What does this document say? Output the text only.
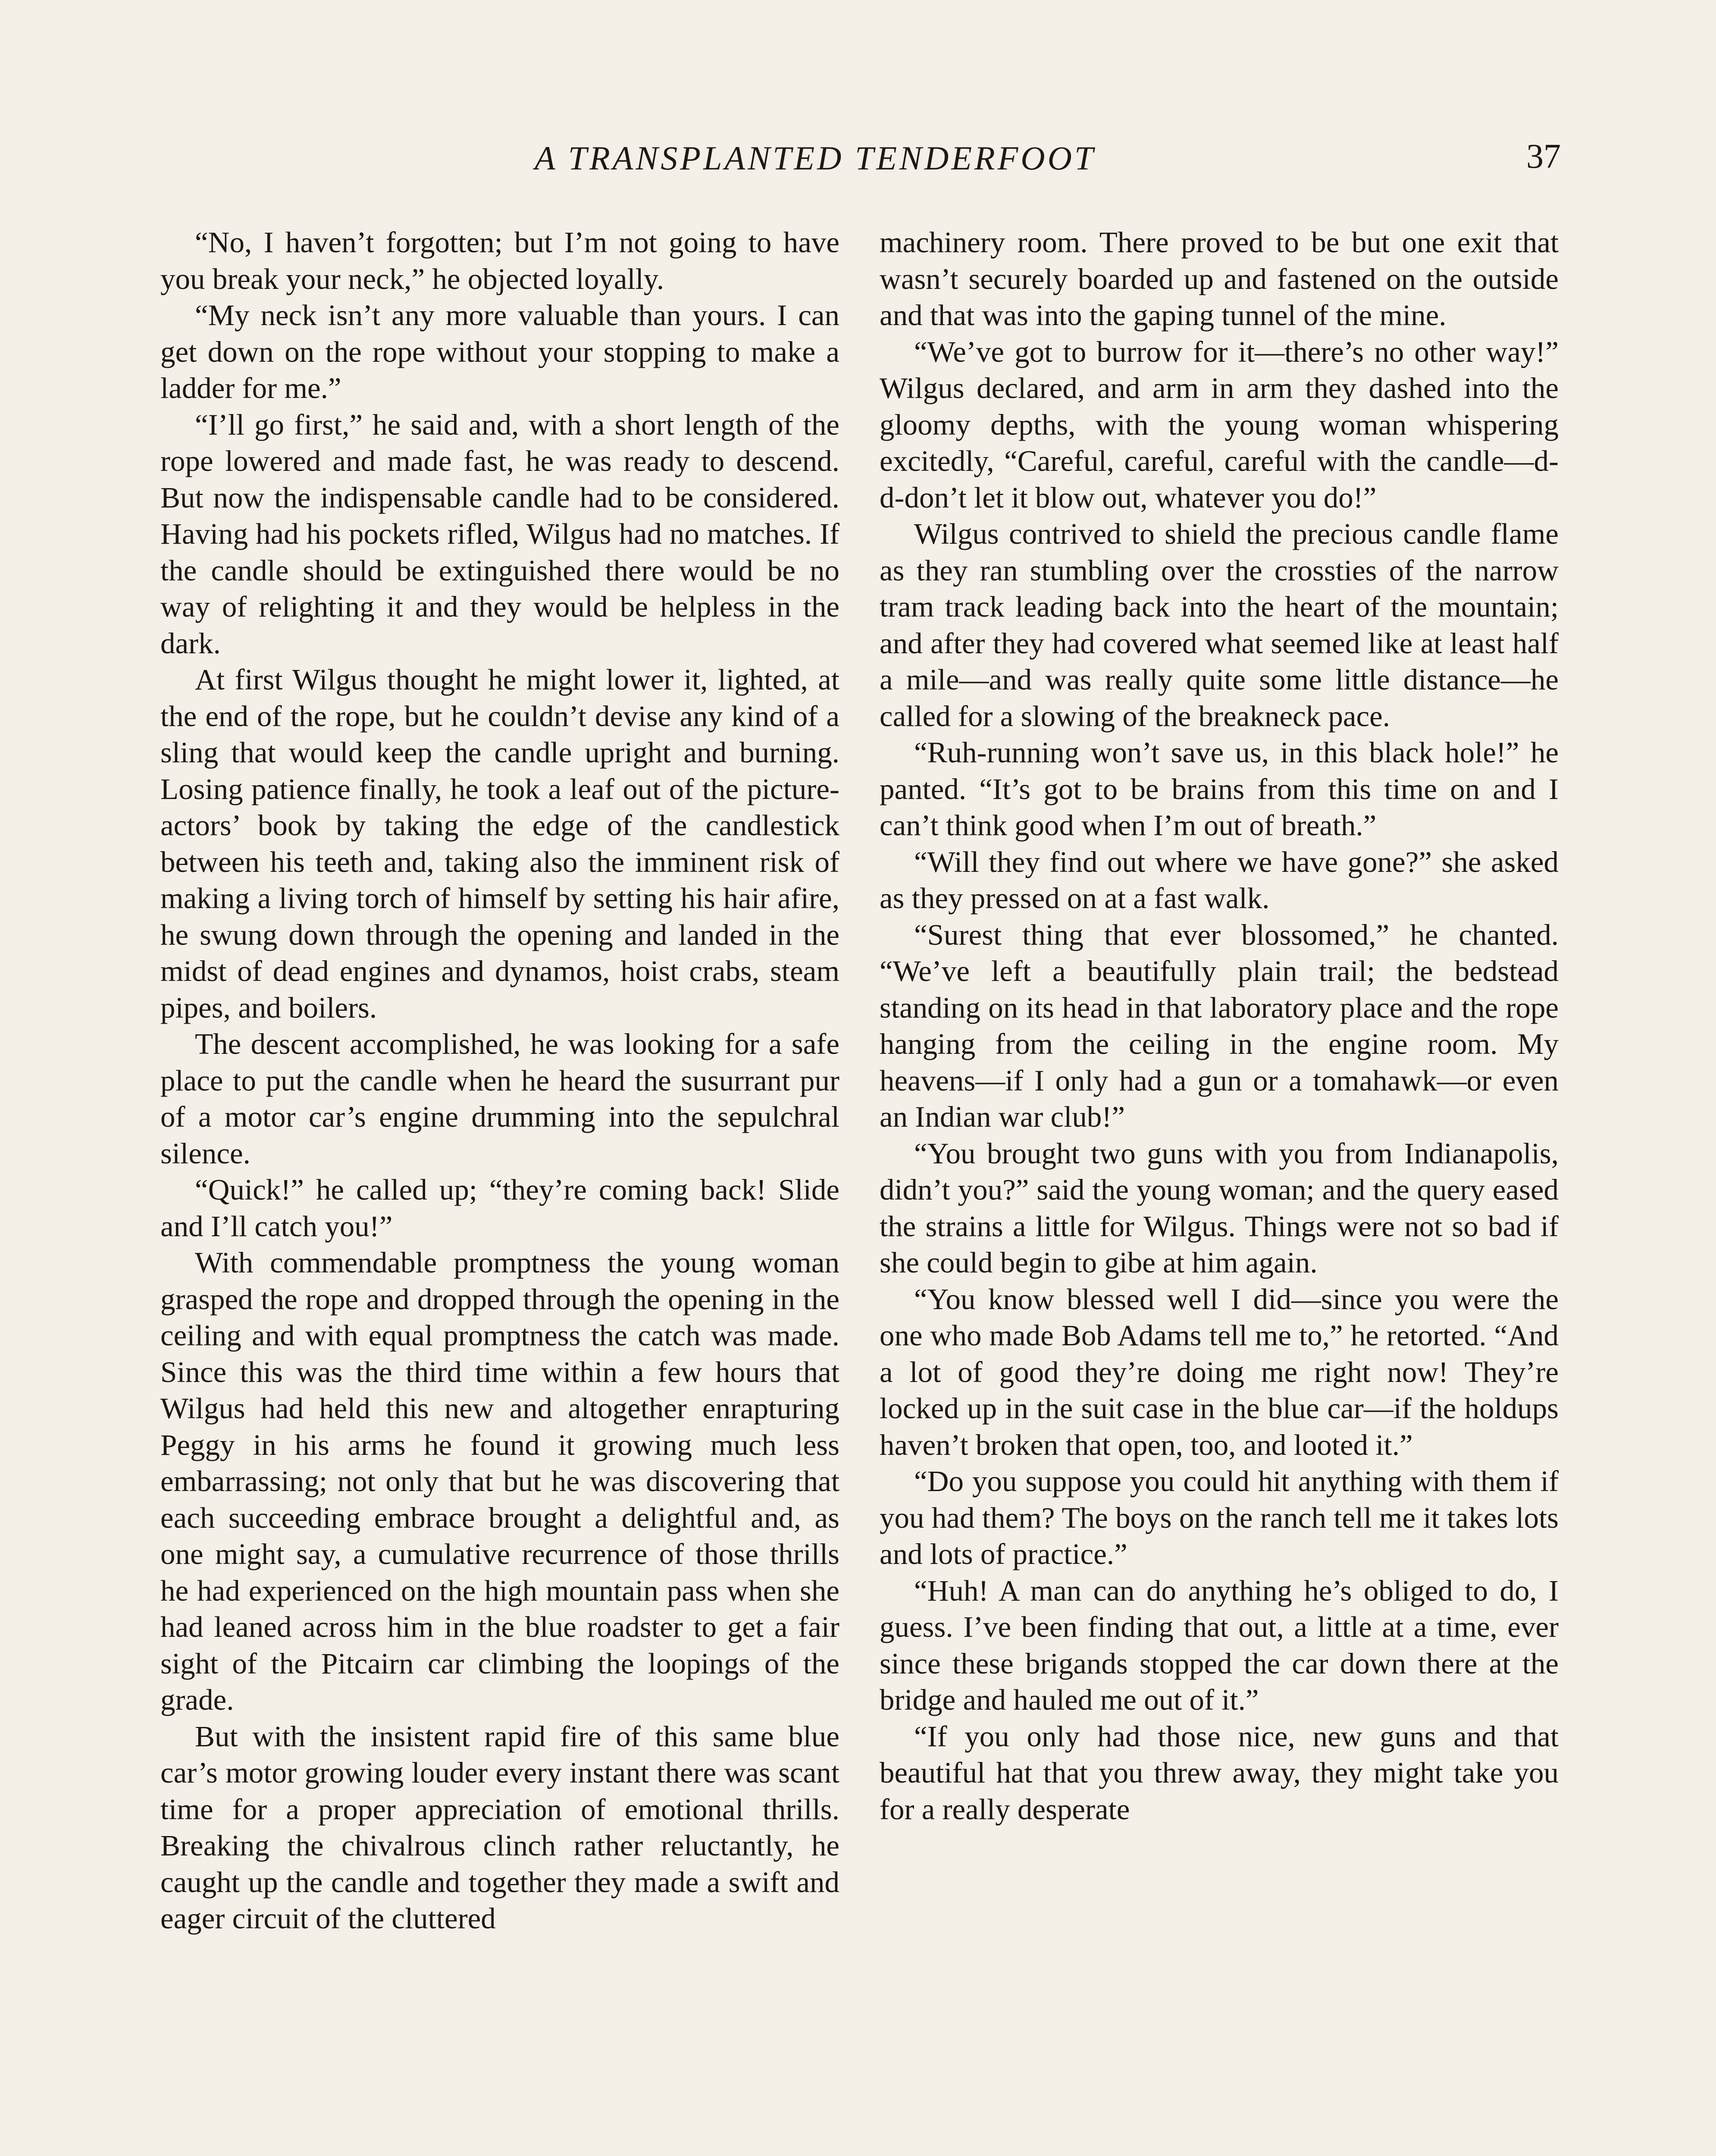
A TRANSPLANTED TENDERFOOT	37

“No, I haven’t forgotten; but I’m not going to have you break your neck,” he objected loyally.

“My neck isn’t any more valuable than yours. I can get down on the rope without your stopping to make a ladder for me.”

“I’ll go first,” he said and, with a short length of the rope lowered and made fast, he was ready to descend. But now the indispensable candle had to be considered. Having had his pockets rifled, Wilgus had no matches. If the candle should be extinguished there would be no way of relighting it and they would be helpless in the dark.

At first Wilgus thought he might lower it, lighted, at the end of the rope, but he couldn’t devise any kind of a sling that would keep the candle upright and burning. Losing patience finally, he took a leaf out of the picture-actors’ book by taking the edge of the candlestick between his teeth and, taking also the imminent risk of making a living torch of himself by setting his hair afire, he swung down through the opening and landed in the midst of dead engines and dynamos, hoist crabs, steam pipes, and boilers.

The descent accomplished, he was looking for a safe place to put the candle when he heard the susurrant pur of a motor car’s engine drumming into the sepulchral silence.

“Quick!” he called up; “they’re coming back! Slide and I’ll catch you!”

With commendable promptness the young woman grasped the rope and dropped through the opening in the ceiling and with equal promptness the catch was made. Since this was the third time within a few hours that Wilgus had held this new and altogether enrapturing Peggy in his arms he found it growing much less embarrassing; not only that but he was discovering that each succeeding embrace brought a delightful and, as one might say, a cumulative recurrence of those thrills he had experienced on the high mountain pass when she had leaned across him in the blue roadster to get a fair sight of the Pitcairn car climbing the loopings of the grade.

But with the insistent rapid fire of this same blue car’s motor growing louder every instant there was scant time for a proper appreciation of emotional thrills. Breaking the chivalrous clinch rather reluctantly, he caught up the candle and together they made a swift and eager circuit of the cluttered

machinery room. There proved to be but one exit that wasn’t securely boarded up and fastened on the outside and that was into the gaping tunnel of the mine.

“We’ve got to burrow for it—there’s no other way!” Wilgus declared, and arm in arm they dashed into the gloomy depths, with the young woman whispering excitedly, “Careful, careful, careful with the candle—d-d-don’t let it blow out, whatever you do!”

Wilgus contrived to shield the precious candle flame as they ran stumbling over the crossties of the narrow tram track leading back into the heart of the mountain; and after they had covered what seemed like at least half a mile—and was really quite some little distance—he called for a slowing of the breakneck pace.

“Ruh-running won’t save us, in this black hole!” he panted. “It’s got to be brains from this time on and I can’t think good when I’m out of breath.”

“Will they find out where we have gone?” she asked as they pressed on at a fast walk.

“Surest thing that ever blossomed,” he chanted. “We’ve left a beautifully plain trail; the bedstead standing on its head in that laboratory place and the rope hanging from the ceiling in the engine room. My heavens—if I only had a gun or a tomahawk—or even an Indian war club!”

“You brought two guns with you from Indianapolis, didn’t you?” said the young woman; and the query eased the strains a little for Wilgus. Things were not so bad if she could begin to gibe at him again.

“You know blessed well I did—since you were the one who made Bob Adams tell me to,” he retorted. “And a lot of good they’re doing me right now! They’re locked up in the suit case in the blue car—if the holdups haven’t broken that open, too, and looted it.”

“Do you suppose you could hit anything with them if you had them? The boys on the ranch tell me it takes lots and lots of practice.”

“Huh! A man can do anything he’s obliged to do, I guess. I’ve been finding that out, a little at a time, ever since these brigands stopped the car down there at the bridge and hauled me out of it.”

“If you only had those nice, new guns and that beautiful hat that you threw away, they might take you for a really desperate
